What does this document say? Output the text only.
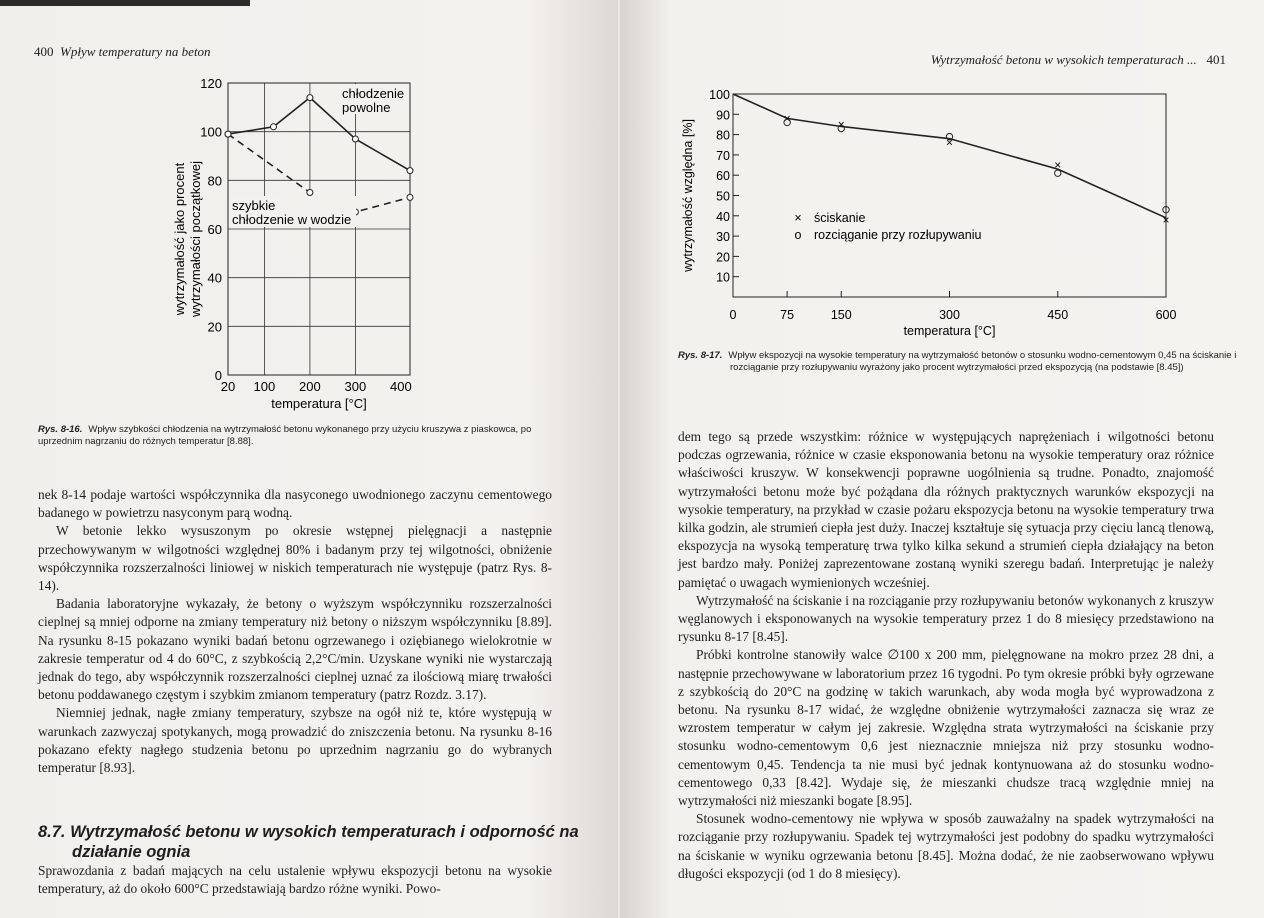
400 Wpływ temperatury na beton
0
20
40
60
80
100
120
20 100 200 300 400
temperatura [°C]
wytrzymałość jako procent wytrzymałości początkowej
chłodzenie
powolne
szybkie
chłodzenie w wodzie
Rys. 8-16. Wpływ szybkości chłodzenia na wytrzymałość betonu wykonanego przy użyciu kruszywa z piaskowca, po uprzednim nagrzaniu do różnych temperatur [8.88].

nek 8-14 podaje wartości współczynnika dla nasyconego uwodnionego zaczynu cementowego badanego w powietrzu nasyconym parą wodną.

W betonie lekko wysuszonym po okresie wstępnej pielęgnacji a następnie przechowywanym w wilgotności względnej 80% i badanym przy tej wilgotności, obniżenie współczynnika rozszerzalności liniowej w niskich temperaturach nie występuje (patrz Rys. 8-14).

Badania laboratoryjne wykazały, że betony o wyższym współczynniku rozszerzalności cieplnej są mniej odporne na zmiany temperatury niż betony o niższym współczynniku [8.89]. Na rysunku 8-15 pokazano wyniki badań betonu ogrzewanego i oziębianego wielokrotnie w zakresie temperatur od 4 do 60°C, z szybkością 2,2°C/min. Uzyskane wyniki nie wystarczają jednak do tego, aby współczynnik rozszerzalności cieplnej uznać za ilościową miarę trwałości betonu poddawanego częstym i szybkim zmianom temperatury (patrz Rozdz. 3.17).

Niemniej jednak, nagłe zmiany temperatury, szybsze na ogół niż te, które występują w warunkach zazwyczaj spotykanych, mogą prowadzić do zniszczenia betonu. Na rysunku 8-16 pokazano efekty nagłego studzenia betonu po uprzednim nagrzaniu go do wybranych temperatur [8.93].

8.7. Wytrzymałość betonu w wysokich temperaturach i odporność na działanie ognia
Sprawozdania z badań mających na celu ustalenie wpływu ekspozycji betonu na wysokie temperatury, aż do około 600°C przedstawiają bardzo różne wyniki. Powo-
Wytrzymałość betonu w wysokich temperaturach ... 401
10
20
30
40
50
60
70
80
90
100
0	75	150	300	450	600
temperatura [°C]
wytrzymałość względna [%]
×	×
×
×
×
× ściskanie
o rozciąganie przy rozłupywaniu
Rys. 8-17. Wpływ ekspozycji na wysokie temperatury na wytrzymałość betonów o stosunku wodno-cementowym 0,45 na ściskanie i rozciąganie przy rozłupywaniu wyrażony jako procent wytrzymałości przed ekspozycją (na podstawie [8.45])

dem tego są przede wszystkim: różnice w występujących naprężeniach i wilgotności betonu podczas ogrzewania, różnice w czasie eksponowania betonu na wysokie temperatury oraz różnice właściwości kruszyw. W konsekwencji poprawne uogólnienia są trudne. Ponadto, znajomość wytrzymałości betonu może być pożądana dla różnych praktycznych warunków ekspozycji na wysokie temperatury, na przykład w czasie pożaru ekspozycja betonu na wysokie temperatury trwa kilka godzin, ale strumień ciepła jest duży. Inaczej kształtuje się sytuacja przy cięciu lancą tlenową, ekspozycja na wysoką temperaturę trwa tylko kilka sekund a strumień ciepła działający na beton jest bardzo mały. Poniżej zaprezentowane zostaną wyniki szeregu badań. Interpretując je należy pamiętać o uwagach wymienionych wcześniej.

Wytrzymałość na ściskanie i na rozciąganie przy rozłupywaniu betonów wykonanych z kruszyw węglanowych i eksponowanych na wysokie temperatury przez 1 do 8 miesięcy przedstawiono na rysunku 8-17 [8.45].

Próbki kontrolne stanowiły walce ∅100 x 200 mm, pielęgnowane na mokro przez 28 dni, a następnie przechowywane w laboratorium przez 16 tygodni. Po tym okresie próbki były ogrzewane z szybkością do 20°C na godzinę w takich warunkach, aby woda mogła być wyprowadzona z betonu. Na rysunku 8-17 widać, że względne obniżenie wytrzymałości zaznacza się wraz ze wzrostem temperatur w całym jej zakresie. Względna strata wytrzymałości na ściskanie przy stosunku wodno-cementowym 0,6 jest nieznacznie mniejsza niż przy stosunku wodno-cementowym 0,45. Tendencja ta nie musi być jednak kontynuowana aż do stosunku wodno-cementowego 0,33 [8.42]. Wydaje się, że mieszanki chudsze tracą względnie mniej na wytrzymałości niż mieszanki bogate [8.95].

Stosunek wodno-cementowy nie wpływa w sposób zauważalny na spadek wytrzymałości na rozciąganie przy rozłupywaniu. Spadek tej wytrzymałości jest podobny do spadku wytrzymałości na ściskanie w wyniku ogrzewania betonu [8.45]. Można dodać, że nie zaobserwowano wpływu długości ekspozycji (od 1 do 8 miesięcy).
